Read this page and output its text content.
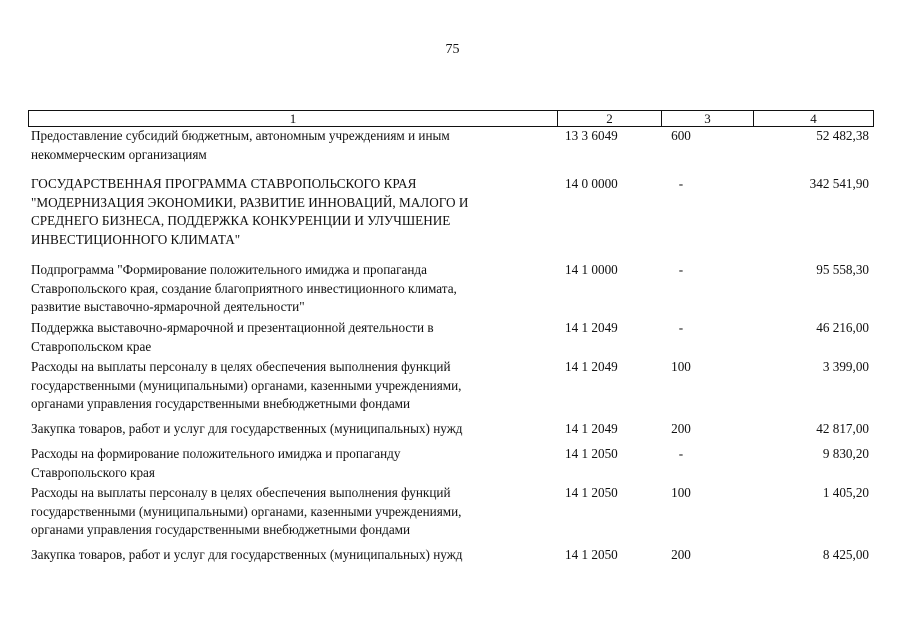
75
1	2	3	4
Предоставление субсидий бюджетным, автономным учреждениям и иным
некоммерческим организациям
13 3 6049	600	52 482,38
ГОСУДАРСТВЕННАЯ ПРОГРАММА СТАВРОПОЛЬСКОГО КРАЯ
"МОДЕРНИЗАЦИЯ ЭКОНОМИКИ, РАЗВИТИЕ ИННОВАЦИЙ, МАЛОГО И
СРЕДНЕГО БИЗНЕСА, ПОДДЕРЖКА КОНКУРЕНЦИИ И УЛУЧШЕНИЕ
ИНВЕСТИЦИОННОГО КЛИМАТА"
14 0 0000	-	342 541,90
Подпрограмма "Формирование положительного имиджа и пропаганда
Ставропольского края, создание благоприятного инвестиционного климата,
развитие выставочно-ярмарочной деятельности"
14 1 0000	-	95 558,30
Поддержка выставочно-ярмарочной и презентационной деятельности в
Ставропольском крае
14 1 2049	-	46 216,00
Расходы на выплаты персоналу в целях обеспечения выполнения функций
государственными (муниципальными) органами, казенными учреждениями,
органами управления государственными внебюджетными фондами
14 1 2049	100	3 399,00
Закупка товаров, работ и услуг для государственных (муниципальных) нужд	14 1 2049	200	42 817,00
Расходы на формирование положительного имиджа и пропаганду
Ставропольского края
14 1 2050	-	9 830,20
Расходы на выплаты персоналу в целях обеспечения выполнения функций
государственными (муниципальными) органами, казенными учреждениями,
органами управления государственными внебюджетными фондами
14 1 2050	100	1 405,20
Закупка товаров, работ и услуг для государственных (муниципальных) нужд	14 1 2050	200	8 425,00
